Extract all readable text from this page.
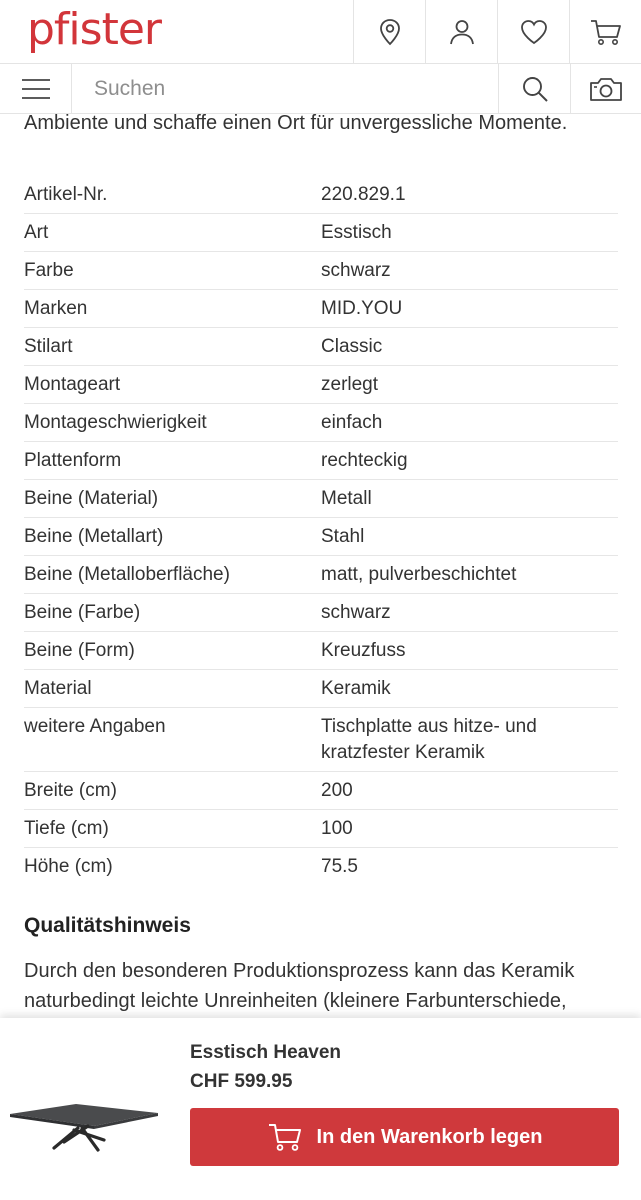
pfister
Suchen
Ambiente und schaffe einen Ort für unvergessliche Momente.
Artikel-Nr.	220.829.1
Art	Esstisch
Farbe	schwarz
Marken	MID.YOU
Stilart	Classic
Montageart	zerlegt
Montageschwierigkeit	einfach
Plattenform	rechteckig
Beine (Material)	Metall
Beine (Metallart)	Stahl
Beine (Metalloberfläche)	matt, pulverbeschichtet
Beine (Farbe)	schwarz
Beine (Form)	Kreuzfuss
Material	Keramik
weitere Angaben	Tischplatte aus hitze- und
kratzfester Keramik
Breite (cm)	200
Tiefe (cm)	100
Höhe (cm)	75.5
Qualitätshinweis
Durch den besonderen Produktionsprozess kann das Keramik naturbedingt leichte Unreinheiten (kleinere Farbunterschiede,
Esstisch Heaven
CHF 599.95
In den Warenkorb legen
